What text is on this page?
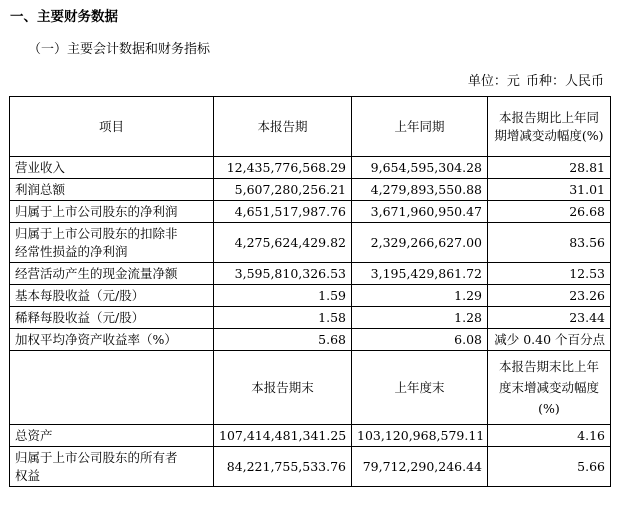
一、主要财务数据
（一）主要会计数据和财务指标
单位：元 币种：人民币
项目	本报告期	上年同期	本报告期比上年同
期增减变动幅度(%)

营业收入	12,435,776,568.29	9,654,595,304.28	28.81

利润总额	5,607,280,256.21	4,279,893,550.88	31.01

归属于上市公司股东的净利润	4,651,517,987.76	3,671,960,950.47	26.68

归属于上市公司股东的扣除非
经常性损益的净利润	4,275,624,429.82	2,329,266,627.00	83.56

经营活动产生的现金流量净额	3,595,810,326.53	3,195,429,861.72	12.53

基本每股收益（元/股）	1.59	1.29	23.26

稀释每股收益（元/股）	1.58	1.28	23.44

加权平均净资产收益率（%）	5.68	6.08	减少 0.40 个百分点
	本报告期末	上年度末	本报告期末比上年
度末增减变动幅度
(%)

总资产	107,414,481,341.25	103,120,968,579.11	4.16

归属于上市公司股东的所有者
权益	84,221,755,533.76	79,712,290,246.44	5.66
